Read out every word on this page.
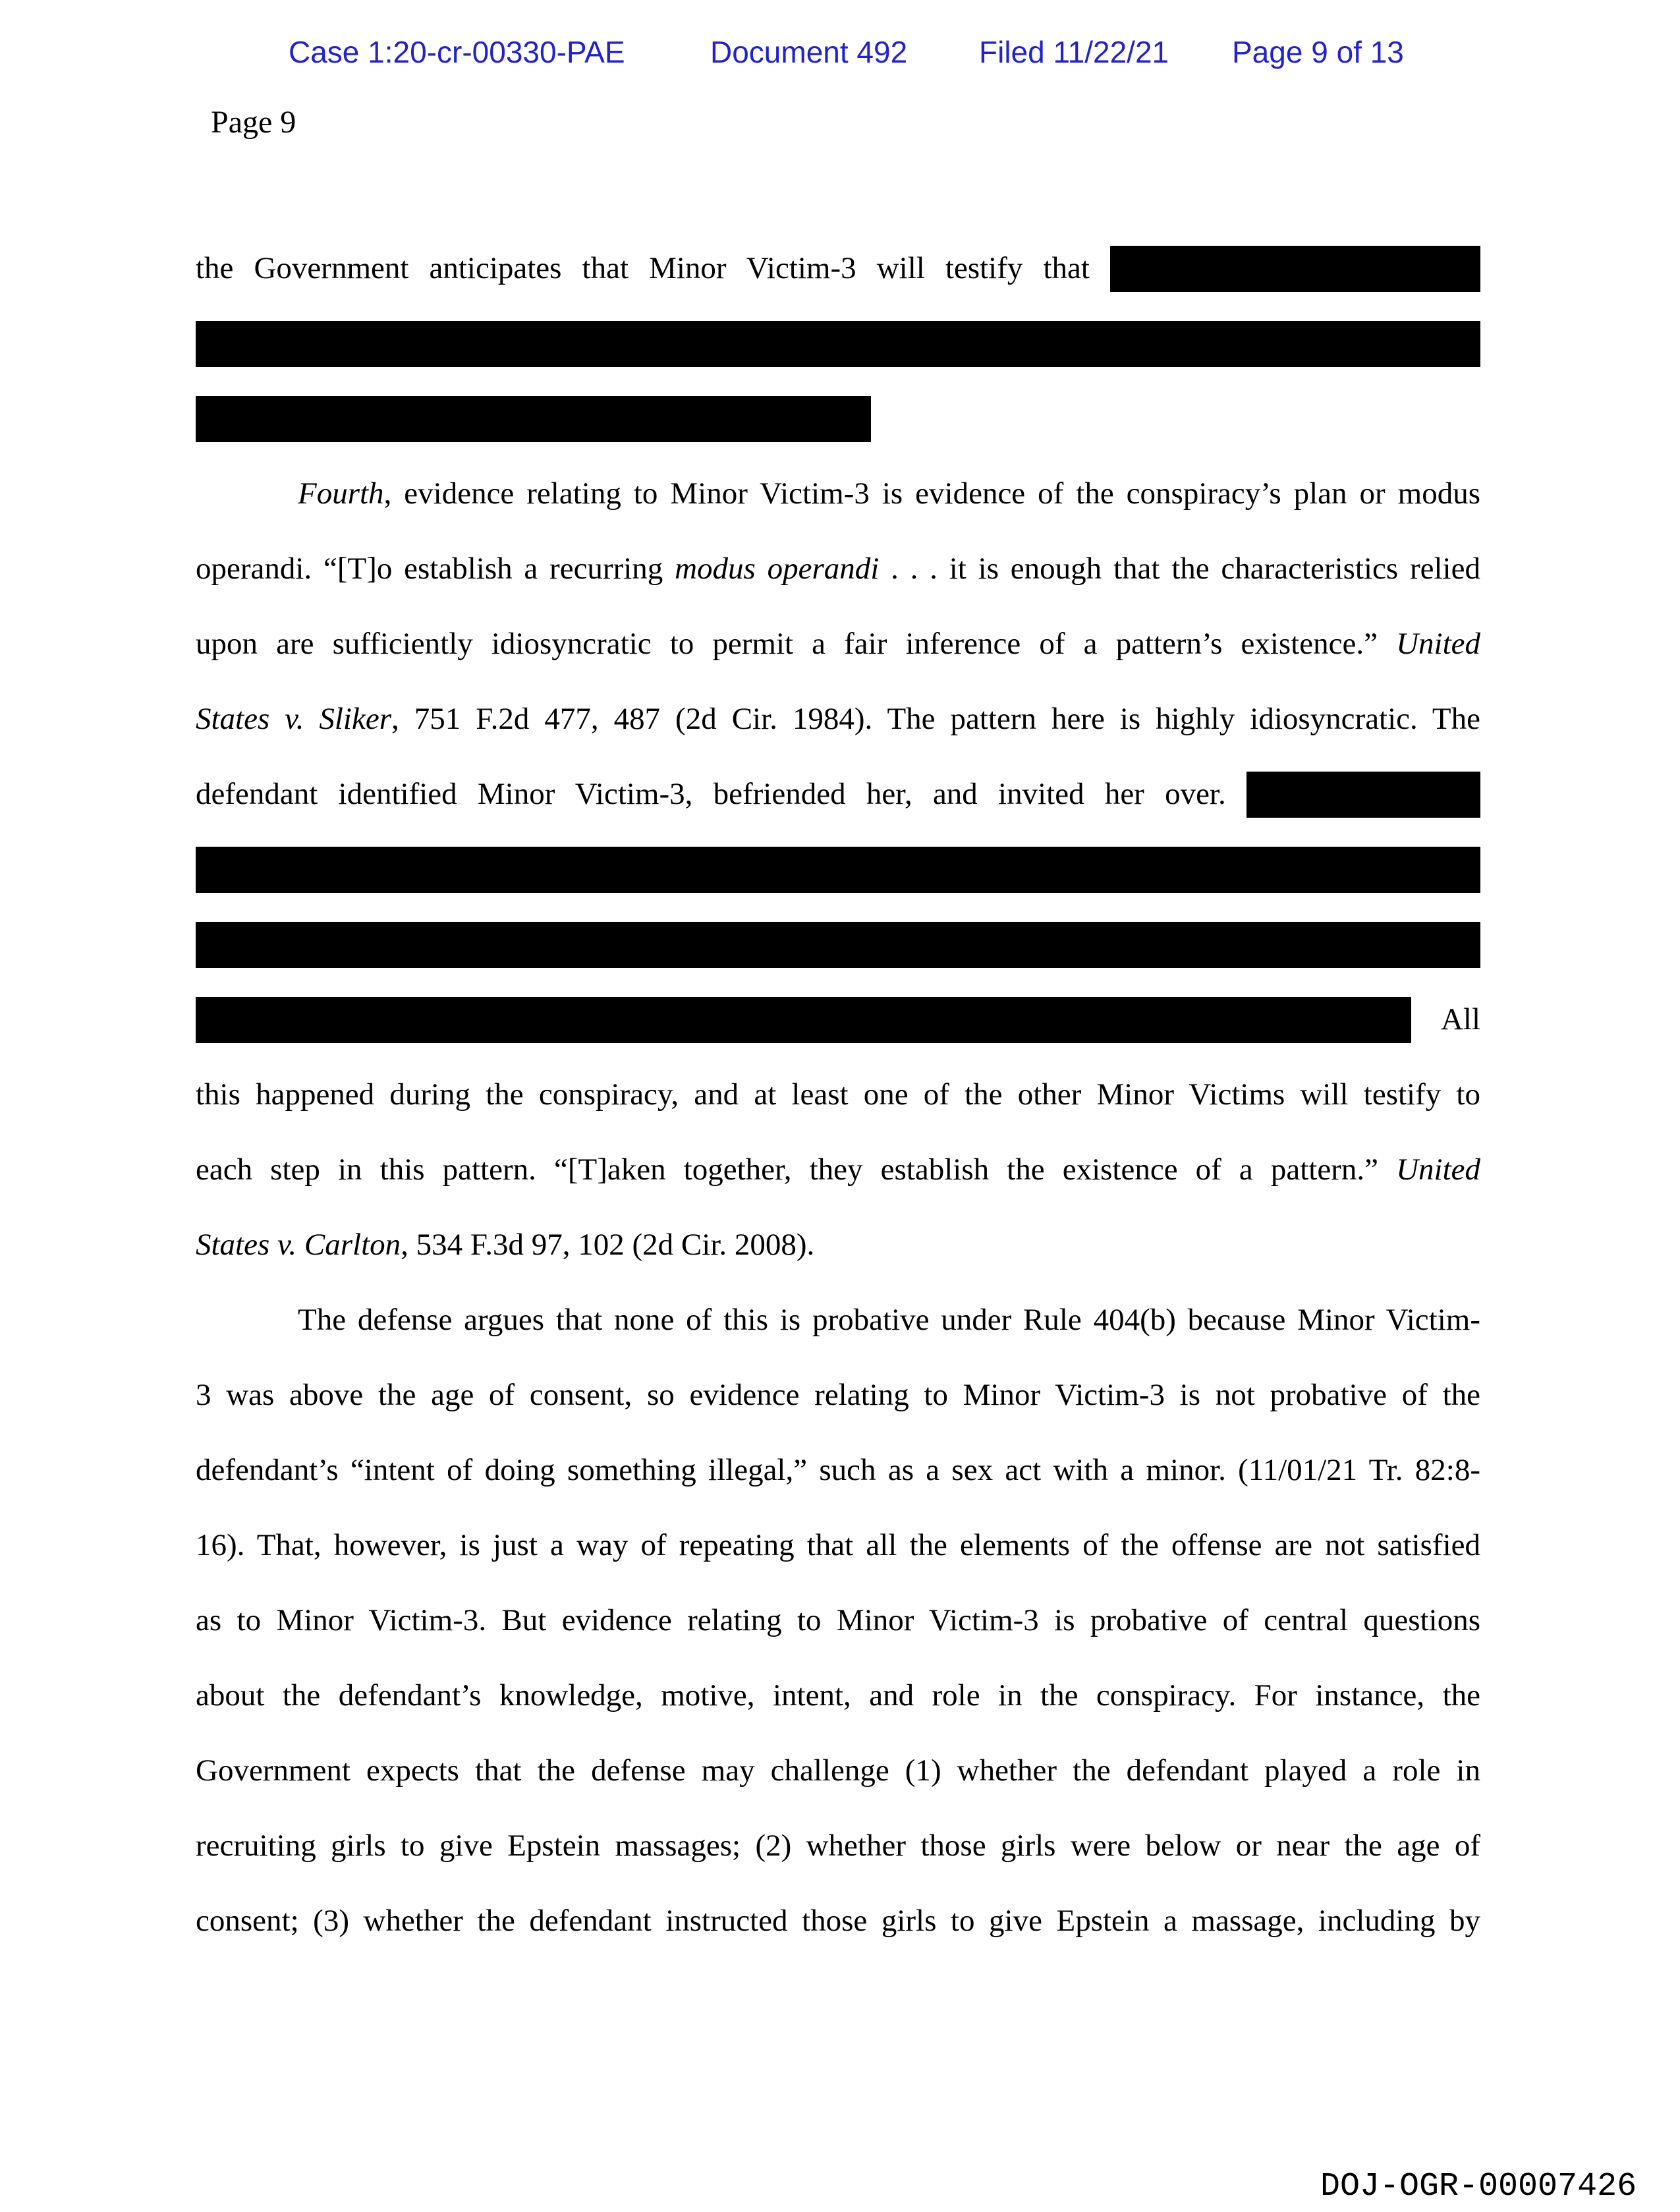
Case 1:20-cr-00330-PAE	Document 492 Filed 11/22/21 Page 9 of 13
Page 9
the Government anticipates that Minor Victim-3 will testify that
Fourth, evidence relating to Minor Victim-3 is evidence of the conspiracy’s plan or modus
operandi. “[T]o establish a recurring modus operandi . . . it is enough that the characteristics relied
upon are sufficiently idiosyncratic to permit a fair inference of a pattern’s existence.” United
States v. Sliker, 751 F.2d 477, 487 (2d Cir. 1984). The pattern here is highly idiosyncratic. The
defendant identified Minor Victim-3, befriended her, and invited her over.
All
this happened during the conspiracy, and at least one of the other Minor Victims will testify to
each step in this pattern. “[T]aken together, they establish the existence of a pattern.” United
States v. Carlton, 534 F.3d 97, 102 (2d Cir. 2008).
The defense argues that none of this is probative under Rule 404(b) because Minor Victim-
3 was above the age of consent, so evidence relating to Minor Victim-3 is not probative of the
defendant’s “intent of doing something illegal,” such as a sex act with a minor. (11/01/21 Tr. 82:8-
16). That, however, is just a way of repeating that all the elements of the offense are not satisfied
as to Minor Victim-3. But evidence relating to Minor Victim-3 is probative of central questions
about the defendant’s knowledge, motive, intent, and role in the conspiracy. For instance, the
Government expects that the defense may challenge (1) whether the defendant played a role in
recruiting girls to give Epstein massages; (2) whether those girls were below or near the age of
consent; (3) whether the defendant instructed those girls to give Epstein a massage, including by
DOJ-OGR-00007426
